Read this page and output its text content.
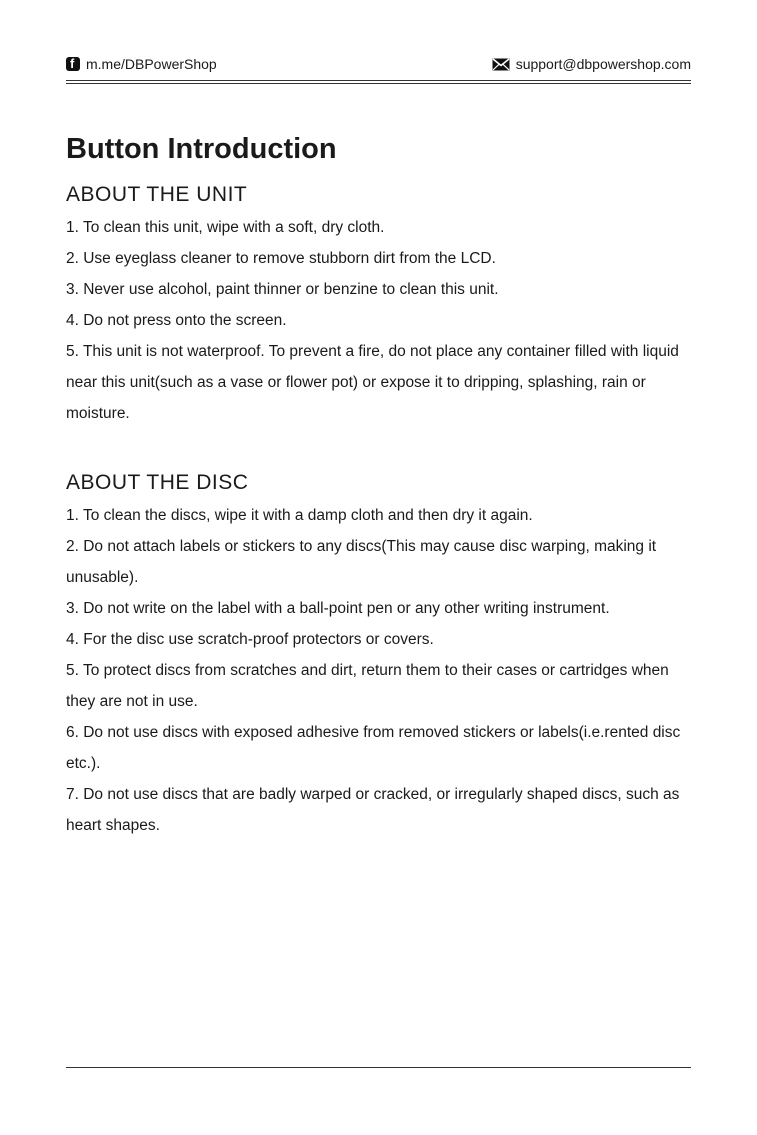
f
m.me/DBPowerShop	support@dbpowershop.com
Button Introduction
ABOUT THE UNIT
1. To clean this unit, wipe with a soft, dry cloth.
2. Use eyeglass cleaner to remove stubborn dirt from the LCD.
3. Never use alcohol, paint thinner or benzine to clean this unit.
4. Do not press onto the screen.
5. This unit is not waterproof. To prevent a fire, do not place any container filled with liquid near this unit(such as a vase or flower pot) or expose it to dripping, splashing, rain or moisture.
ABOUT THE DISC
1. To clean the discs, wipe it with a damp cloth and then dry it again.
2. Do not attach labels or stickers to any discs(This may cause disc warping, making it unusable).
3. Do not write on the label with a ball-point pen or any other writing instrument.
4. For the disc use scratch-proof protectors or covers.
5. To protect discs from scratches and dirt, return them to their cases or cartridges when they are not in use.
6. Do not use discs with exposed adhesive from removed stickers or labels(i.e.rented disc etc.).
7. Do not use discs that are badly warped or cracked, or irregularly shaped discs, such as heart shapes.
